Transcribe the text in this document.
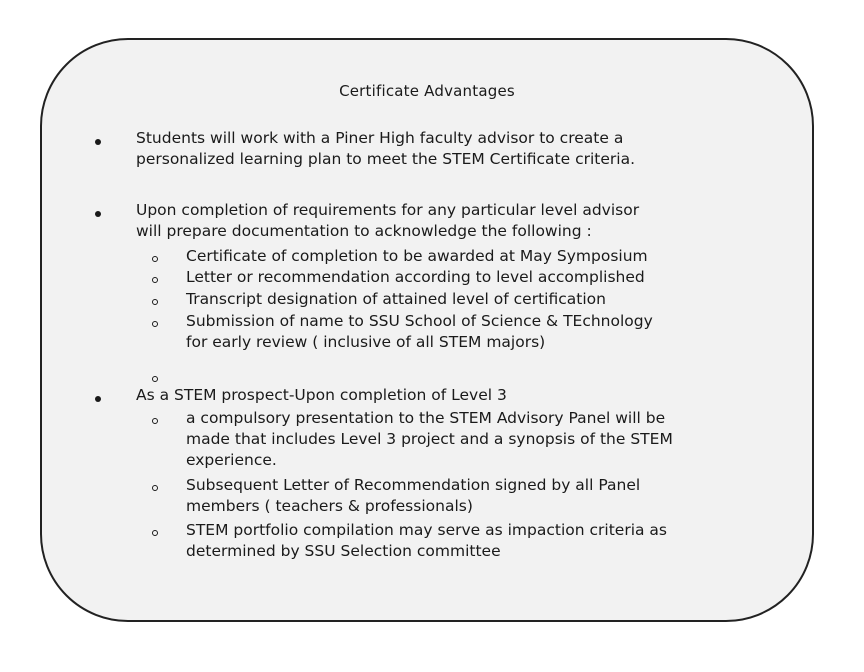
Certificate Advantages
Students will work with a Piner High faculty advisor to create a
personalized learning plan to meet the STEM Certificate criteria.
Upon completion of requirements for any particular level advisor
will prepare documentation to acknowledge the following :
Certificate of completion to be awarded at May Symposium
Letter or recommendation according to level accomplished
Transcript designation of attained level of certification
Submission of name to SSU School of Science & TEchnology
for early review ( inclusive of all STEM majors)
As a STEM prospect-Upon completion of Level 3
a compulsory presentation to the STEM Advisory Panel will be
made that includes Level 3 project and a synopsis of the STEM
experience.
Subsequent Letter of Recommendation signed by all Panel
members ( teachers & professionals)
STEM portfolio compilation may serve as impaction criteria as
determined by SSU Selection committee
